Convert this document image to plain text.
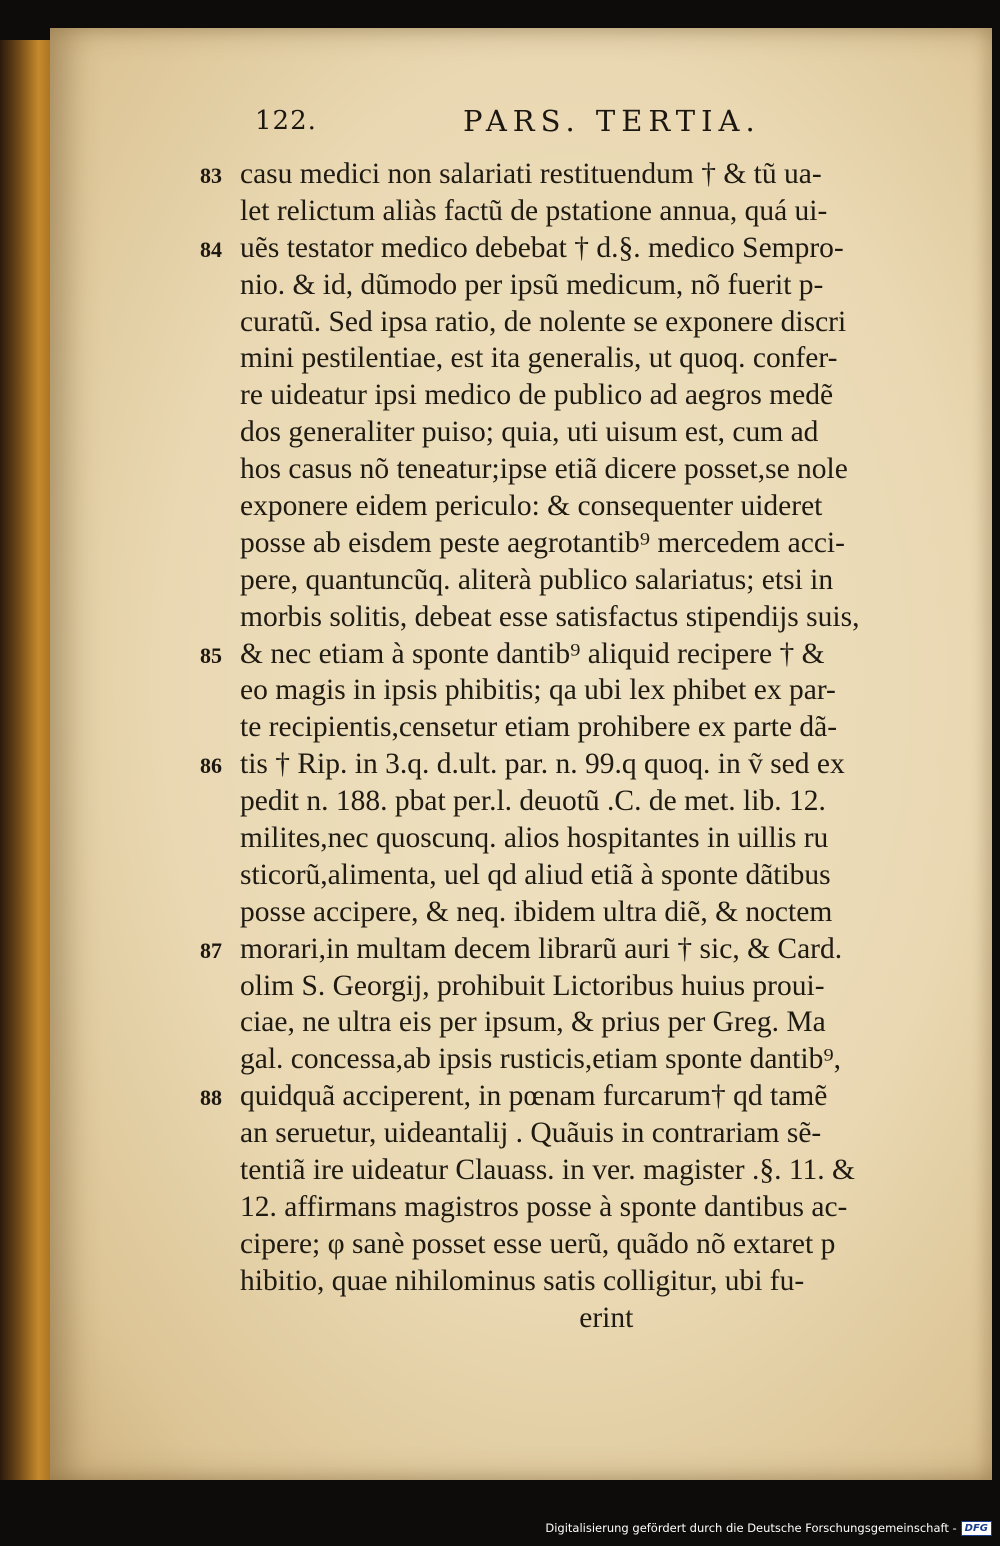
122.	PARS. TERTIA.
83 casu medici non salariati restituendum † & tũ ua-
let relictum aliàs factũ de pstatione annua, quá ui-
84 uẽs testator medico debebat † d.§. medico Sempro-
nio. & id, dũmodo per ipsũ medicum, nõ fuerit p-
curatũ. Sed ipsa ratio, de nolente se exponere discri
mini pestilentiae, est ita generalis, ut quoq. confer-
re uideatur ipsi medico de publico ad aegros medẽ
dos generaliter puiso; quia, uti uisum est, cum ad
hos casus nõ teneatur;ipse etiã dicere posset,se nole
exponere eidem periculo: & consequenter uideret
posse ab eisdem peste aegrotantib⁹ mercedem acci-
pere, quantuncũq. aliterà publico salariatus; etsi in
morbis solitis, debeat esse satisfactus stipendijs suis,
85 & nec etiam à sponte dantib⁹ aliquid recipere † &
eo magis in ipsis phibitis; qa ubi lex phibet ex par-
te recipientis,censetur etiam prohibere ex parte dã-
86 tis † Rip. in 3.q. d.ult. par. n. 99.q quoq. in ṽ sed ex
pedit n. 188. pbat per.l. deuotũ .C. de met. lib. 12.
milites,nec quoscunq. alios hospitantes in uillis ru
sticorũ,alimenta, uel qd aliud etiã à sponte dãtibus
posse accipere, & neq. ibidem ultra diẽ, & noctem
87 morari,in multam decem librarũ auri † sic, & Card.
olim S. Georgij, prohibuit Lictoribus huius proui-
ciae, ne ultra eis per ipsum, & prius per Greg. Ma
gal. concessa,ab ipsis rusticis,etiam sponte dantib⁹,
88 quidquã acciperent, in pœnam furcarum† qd tamẽ
an seruetur, uideantalij . Quãuis in contrariam sẽ-
tentiã ire uideatur Clauass. in ver. magister .§. 11. &
12. affirmans magistros posse à sponte dantibus ac-
cipere; φ sanè posset esse uerũ, quãdo nõ extaret p
hibitio, quae nihilominus satis colligitur, ubi fu-
erint
Digitalisierung gefördert durch die Deutsche Forschungsgemeinschaft - DFG
